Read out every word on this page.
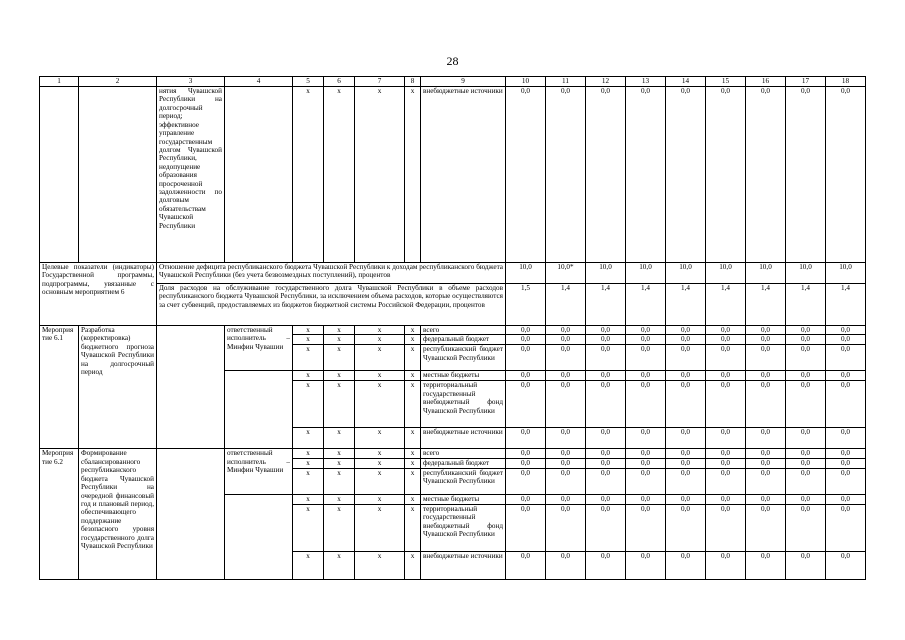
28
1	2	3	4	5	6	7	8	9	10	11	12	13	14	15	16	17	18
		нятия Чувашской Республики на долгосрочный период; эффективное управление государственным долгом Чувашской Республики, недопущение образования просроченной задолженности по долговым обязательствам Чувашской Республики		x	x	x	x	внебюджетные источники	0,0	0,0	0,0	0,0	0,0	0,0	0,0	0,0	0,0
Целевые показатели (индикаторы) Государственной программы, подпрограммы, увязанные с основным мероприятием 6		Отношение дефицита республиканского бюджета Чувашской Республики к доходам республиканского бюджета Чувашской Республики (без учета безвозмездных поступлений), процентов							10,0	10,0*	10,0	10,0	10,0	10,0	10,0	10,0	10,0
		Доля расходов на обслуживание государственного долга Чувашской Республики в объеме расходов республиканского бюджета Чувашской Республики, за исключением объема расходов, которые осуществляются за счет субвенций, предоставляемых из бюджетов бюджетной системы Российской Федерации, процентов							1,5	1,4	1,4	1,4	1,4	1,4	1,4	1,4	1,4
Мероприятие 6.1	Разработка (корректировка) бюджетного прогноза Чувашской Республики на долгосрочный период		ответственный исполнитель – Минфин Чувашии	x	x	x	x	всего	0,0	0,0	0,0	0,0	0,0	0,0	0,0	0,0	0,0
				x	x	x	x	федеральный бюджет	0,0	0,0	0,0	0,0	0,0	0,0	0,0	0,0	0,0
				x	x	x	x	республиканский бюджет Чувашской Республики	0,0	0,0	0,0	0,0	0,0	0,0	0,0	0,0	0,0
				x	x	x	x	местные бюджеты	0,0	0,0	0,0	0,0	0,0	0,0	0,0	0,0	0,0
				x	x	x	x	территориальный государственный внебюджетный фонд Чувашской Республики	0,0	0,0	0,0	0,0	0,0	0,0	0,0	0,0	0,0
				x	x	x	x	внебюджетные источники	0,0	0,0	0,0	0,0	0,0	0,0	0,0	0,0	0,0
Мероприятие 6.2	Формирование сбалансированного республиканского бюджета Чувашской Республики на очередной финансовый год и плановый период, обеспечивающего поддержание безопасного уровня государственного долга Чувашской Республики		ответственный исполнитель – Минфин Чувашии	x	x	x	x	всего	0,0	0,0	0,0	0,0	0,0	0,0	0,0	0,0	0,0
				x	x	x	x	федеральный бюджет	0,0	0,0	0,0	0,0	0,0	0,0	0,0	0,0	0,0
				x	x	x	x	республиканский бюджет Чувашской Республики	0,0	0,0	0,0	0,0	0,0	0,0	0,0	0,0	0,0
				x	x	x	x	местные бюджеты	0,0	0,0	0,0	0,0	0,0	0,0	0,0	0,0	0,0
				x	x	x	x	территориальный государственный внебюджетный фонд Чувашской Республики	0,0	0,0	0,0	0,0	0,0	0,0	0,0	0,0	0,0
				x	x	x	x	внебюджетные источники	0,0	0,0	0,0	0,0	0,0	0,0	0,0	0,0	0,0
